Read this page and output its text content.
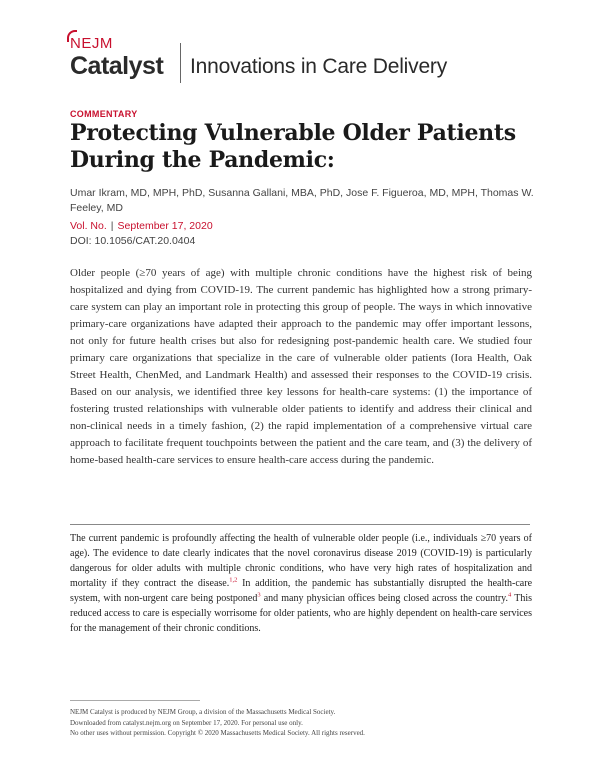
NEJM
Catalyst Innovations in Care Delivery
COMMENTARY
Protecting Vulnerable Older Patients During the Pandemic:
Umar Ikram, MD, MPH, PhD, Susanna Gallani, MBA, PhD, Jose F. Figueroa, MD, MPH, Thomas W. Feeley, MD
Vol. No. | September 17, 2020
DOI: 10.1056/CAT.20.0404

Older people (≥70 years of age) with multiple chronic conditions have the highest risk of being hospitalized and dying from COVID-19. The current pandemic has highlighted how a strong primary-care system can play an important role in protecting this group of people. The ways in which innovative primary-care organizations have adapted their approach to the pandemic may offer important lessons, not only for future health crises but also for redesigning post-pandemic health care. We studied four primary care organizations that specialize in the care of vulnerable older patients (Iora Health, Oak Street Health, ChenMed, and Landmark Health) and assessed their responses to the COVID-19 crisis. Based on our analysis, we identified three key lessons for health-care systems: (1) the importance of fostering trusted relationships with vulnerable older patients to identify and address their clinical and non-clinical needs in a timely fashion, (2) the rapid implementation of a comprehensive virtual care approach to facilitate frequent touchpoints between the patient and the care team, and (3) the delivery of home-based health-care services to ensure health-care access during the pandemic.

The current pandemic is profoundly affecting the health of vulnerable older people (i.e., individuals ≥70 years of age). The evidence to date clearly indicates that the novel coronavirus disease 2019 (COVID-19) is particularly dangerous for older adults with multiple chronic conditions, who have very high rates of hospitalization and mortality if they contract the disease.$^{1,2}$ In addition, the pandemic has substantially disrupted the health-care system, with non-urgent care being postponed$^3$ and many physician offices being closed across the country.$^4$ This reduced access to care is especially worrisome for older patients, who are highly dependent on health-care services for the management of their chronic conditions.

NEJM Catalyst is produced by NEJM Group, a division of the Massachusetts Medical Society.
Downloaded from catalyst.nejm.org on September 17, 2020. For personal use only.
No other uses without permission. Copyright © 2020 Massachusetts Medical Society. All rights reserved.
